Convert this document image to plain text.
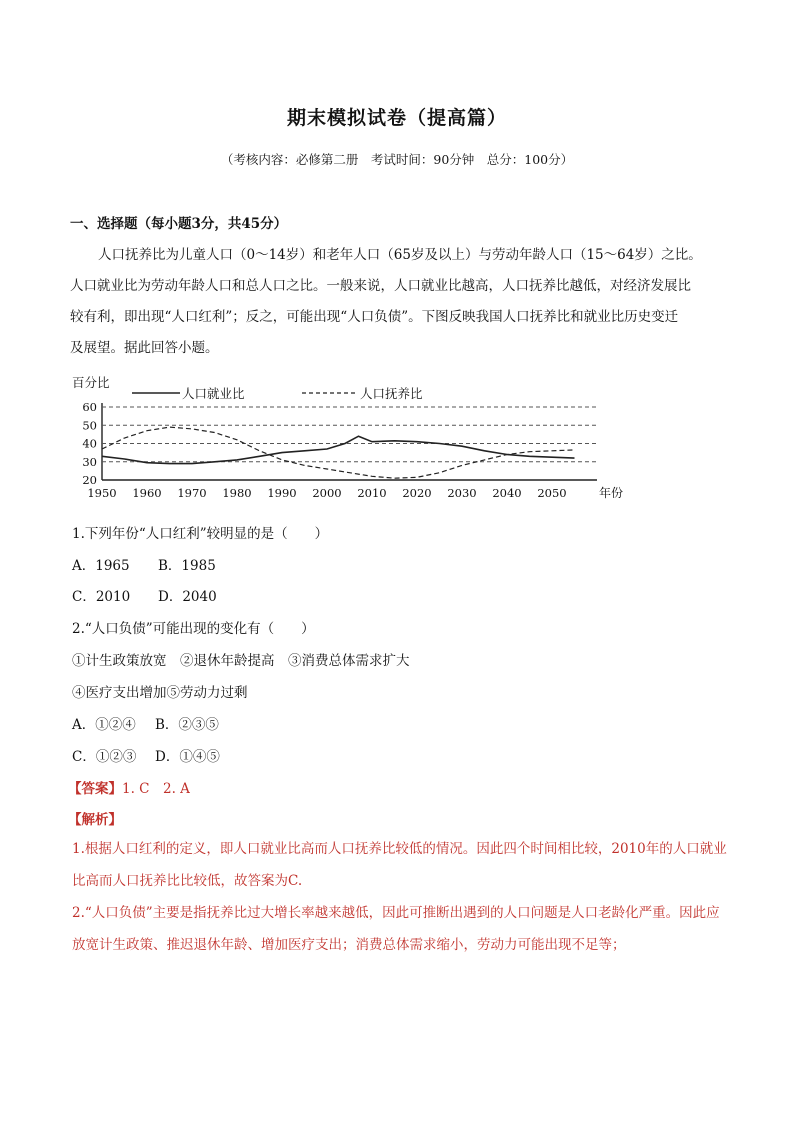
期末模拟试卷（提高篇）
（考核内容：必修第二册　考试时间：90分钟　总分：100分）
一、选择题（每小题3分，共45分）
人口抚养比为儿童人口（0～14岁）和老年人口（65岁及以上）与劳动年龄人口（15～64岁）之比。
人口就业比为劳动年龄人口和总人口之比。一般来说，人口就业比越高，人口抚养比越低，对经济发展比
较有利，即出现“人口红利”；反之，可能出现“人口负债”。下图反映我国人口抚养比和就业比历史变迁
及展望。据此回答小题。
20
30
40
50
60
1950 1960 1970 1980 1990 2000 2010 2020 2030 2040 2050	年份
百分比
人口就业比	人口抚养比
1.下列年份“人口红利”较明显的是（　　）
A．1965 B．1985
C．2010 D．2040
2.“人口负债”可能出现的变化有（　　）
①计生政策放宽　②退休年龄提高　③消费总体需求扩大
④医疗支出增加⑤劳动力过剩
A．①②④ B．②③⑤
C．①②③ D．①④⑤
【答案】1. C　2. A
【解析】
1.根据人口红利的定义，即人口就业比高而人口抚养比较低的情况。因此四个时间相比较，2010年的人口就业比高而人口抚养比比较低，故答案为C.
2.“人口负债”主要是指抚养比过大增长率越来越低，因此可推断出遇到的人口问题是人口老龄化严重。因此应放宽计生政策、推迟退休年龄、增加医疗支出；消费总体需求缩小，劳动力可能出现不足等；
